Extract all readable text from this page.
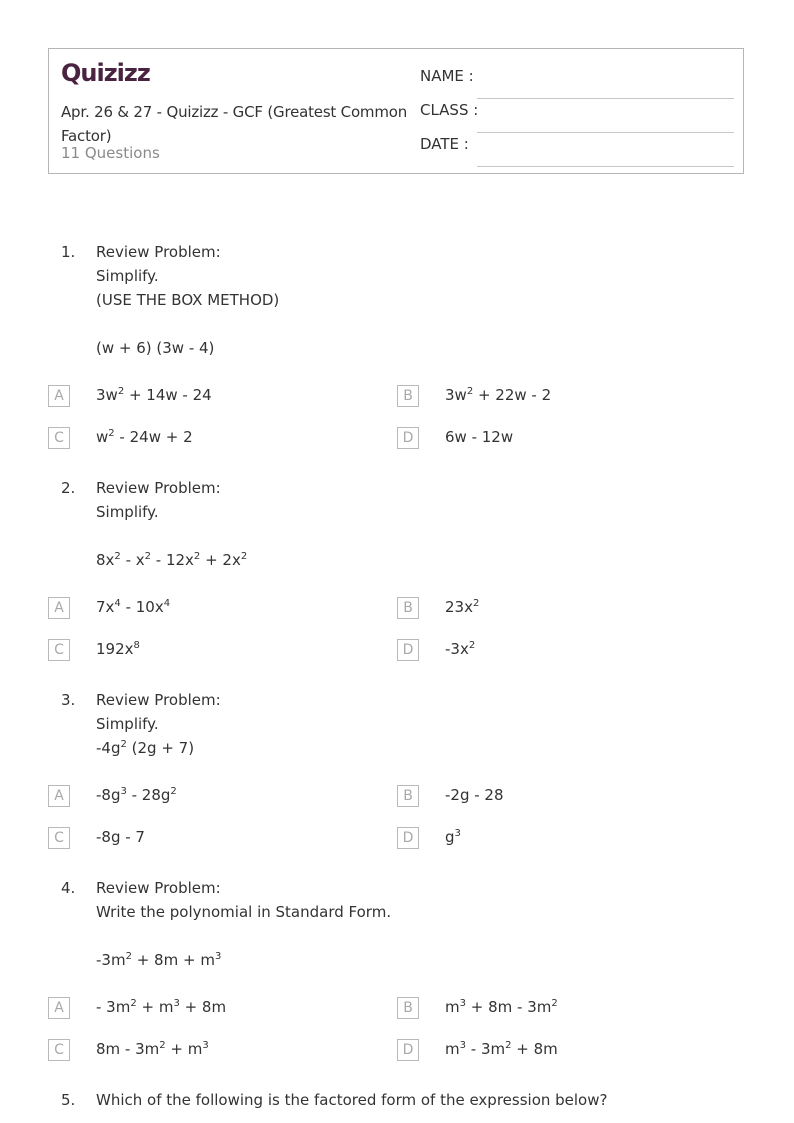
Quizizz
Apr. 26 & 27 - Quizizz - GCF (Greatest Common Factor)
11 Questions
NAME :
CLASS :
DATE :
1. Review Problem:
Simplify.
(USE THE BOX METHOD)
(w + 6) (3w - 4)
A	$3w^2 + 14w - 24$	B	$3w^2 + 22w - 2$
C	$w^2 - 24w + 2$	D	6w - 12w
2. Review Problem:
Simplify.
$8x^2 - x^2 - 12x^2 + 2x^2$
A	$7x^4 - 10x^4$	B	$23x^2$
C	$192x^8$	D	$-3x^2$
3. Review Problem:
Simplify.
$-4g^2$ (2g + 7)
A	$-8g^3 - 28g^2$	B	-2g - 28
C	-8g - 7	D	$g^3$
4. Review Problem:
Write the polynomial in Standard Form.
$-3m^2 + 8m + m^3$
A	- $3m^2 + m^3 + 8m$	B	$m^3 + 8m - 3m^2$
C	$8m - 3m^2 + m^3$	D	$m^3 - 3m^2 + 8m$
5. Which of the following is the factored form of the expression below?
